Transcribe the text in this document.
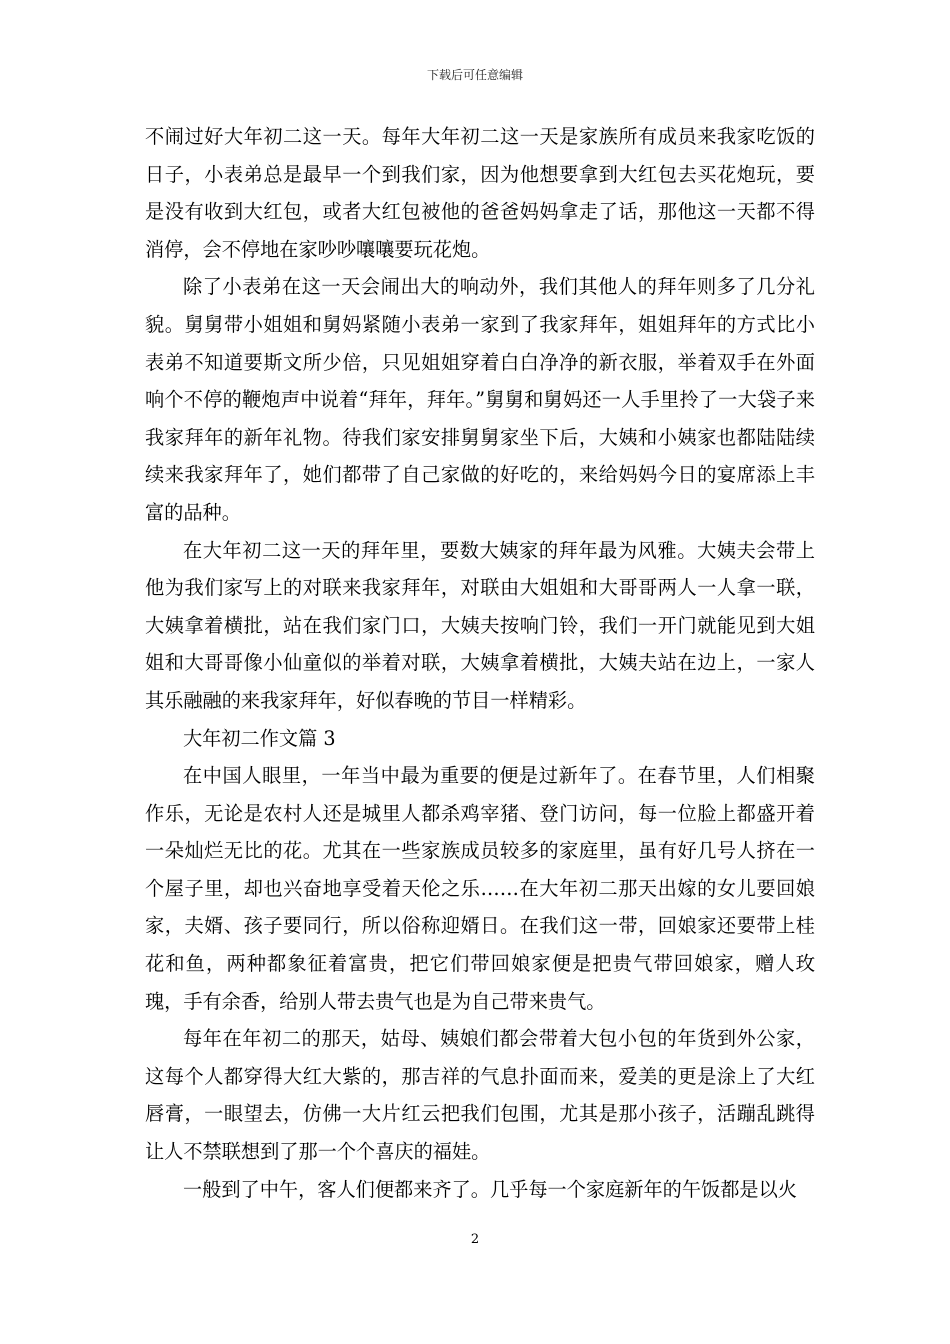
下载后可任意编辑

不闹过好大年初二这一天。每年大年初二这一天是家族所有成员来我家吃饭的日子，小表弟总是最早一个到我们家，因为他想要拿到大红包去买花炮玩，要是没有收到大红包，或者大红包被他的爸爸妈妈拿走了话，那他这一天都不得消停，会不停地在家吵吵嚷嚷要玩花炮。

除了小表弟在这一天会闹出大的响动外，我们其他人的拜年则多了几分礼貌。舅舅带小姐姐和舅妈紧随小表弟一家到了我家拜年，姐姐拜年的方式比小表弟不知道要斯文所少倍，只见姐姐穿着白白净净的新衣服，举着双手在外面响个不停的鞭炮声中说着“拜年，拜年。”舅舅和舅妈还一人手里拎了一大袋子来我家拜年的新年礼物。待我们家安排舅舅家坐下后，大姨和小姨家也都陆陆续续来我家拜年了，她们都带了自己家做的好吃的，来给妈妈今日的宴席添上丰富的品种。

在大年初二这一天的拜年里，要数大姨家的拜年最为风雅。大姨夫会带上他为我们家写上的对联来我家拜年，对联由大姐姐和大哥哥两人一人拿一联，大姨拿着横批，站在我们家门口，大姨夫按响门铃，我们一开门就能见到大姐姐和大哥哥像小仙童似的举着对联，大姨拿着横批，大姨夫站在边上，一家人其乐融融的来我家拜年，好似春晚的节目一样精彩。

大年初二作文篇 3

在中国人眼里，一年当中最为重要的便是过新年了。在春节里，人们相聚作乐，无论是农村人还是城里人都杀鸡宰猪、登门访问，每一位脸上都盛开着一朵灿烂无比的花。尤其在一些家族成员较多的家庭里，虽有好几号人挤在一个屋子里，却也兴奋地享受着天伦之乐……在大年初二那天出嫁的女儿要回娘家，夫婿、孩子要同行，所以俗称迎婿日。在我们这一带，回娘家还要带上桂花和鱼，两种都象征着富贵，把它们带回娘家便是把贵气带回娘家，赠人玫瑰，手有余香，给别人带去贵气也是为自己带来贵气。

每年在年初二的那天，姑母、姨娘们都会带着大包小包的年货到外公家，这每个人都穿得大红大紫的，那吉祥的气息扑面而来，爱美的更是涂上了大红唇膏，一眼望去，仿佛一大片红云把我们包围，尤其是那小孩子，活蹦乱跳得让人不禁联想到了那一个个喜庆的福娃。

一般到了中午，客人们便都来齐了。几乎每一个家庭新年的午饭都是以火

2
